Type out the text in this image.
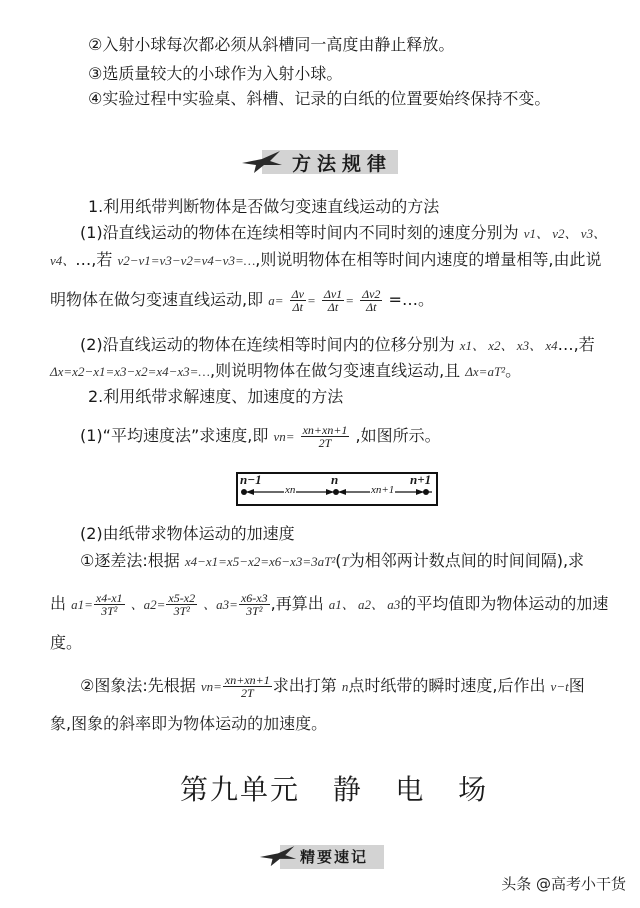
②入射小球每次都必须从斜槽同一高度由静止释放。
③选质量较大的小球作为入射小球。
④实验过程中实验桌、斜槽、记录的白纸的位置要始终保持不变。
方法规律
1.利用纸带判断物体是否做匀变速直线运动的方法
(1)沿直线运动的物体在连续相等时间内不同时刻的速度分别为 v1、 v2、 v3、
v4、…,若 v2−v1=v3−v2=v4−v3=…,则说明物体在相等时间内速度的增量相等,由此说
明物体在做匀变速直线运动,即 $a= \frac{\Delta v}{\Delta t} = \frac{\Delta v1}{\Delta t} = \frac{\Delta v2}{\Delta t}$ =…。
(2)沿直线运动的物体在连续相等时间内的位移分别为 x1、 x2、 x3、 x4…,若
Δx=x2−x1=x3−x2=x4−x3=…,则说明物体在做匀变速直线运动,且 Δx=aT²。
2.利用纸带求解速度、加速度的方法
(1)“平均速度法”求速度,即 $vn= \frac{xn+xn+1}{2T}$ ,如图所示。
n−1	n	n+1
xn	xn+1
(2)由纸带求物体运动的加速度
①逐差法:根据 x4−x1=x5−x2=x6−x3=3aT²(T为相邻两计数点间的时间间隔),求
出 $a1= \frac{x4-x1}{\text{3T²}}$ 、$a2= \frac{x5-x2}{\text{3T²}}$ 、$a3= \frac{x6-x3}{\text{3T²}}$ ,再算出 a1、 a2、 a3的平均值即为物体运动的加速
度。
②图象法:先根据 $vn= \frac{xn+xn+1}{2T}$ 求出打第 n点时纸带的瞬时速度,后作出 v−t图
象,图象的斜率即为物体运动的加速度。
第九单元   静   电   场
精要速记
头条 @高考小干货
